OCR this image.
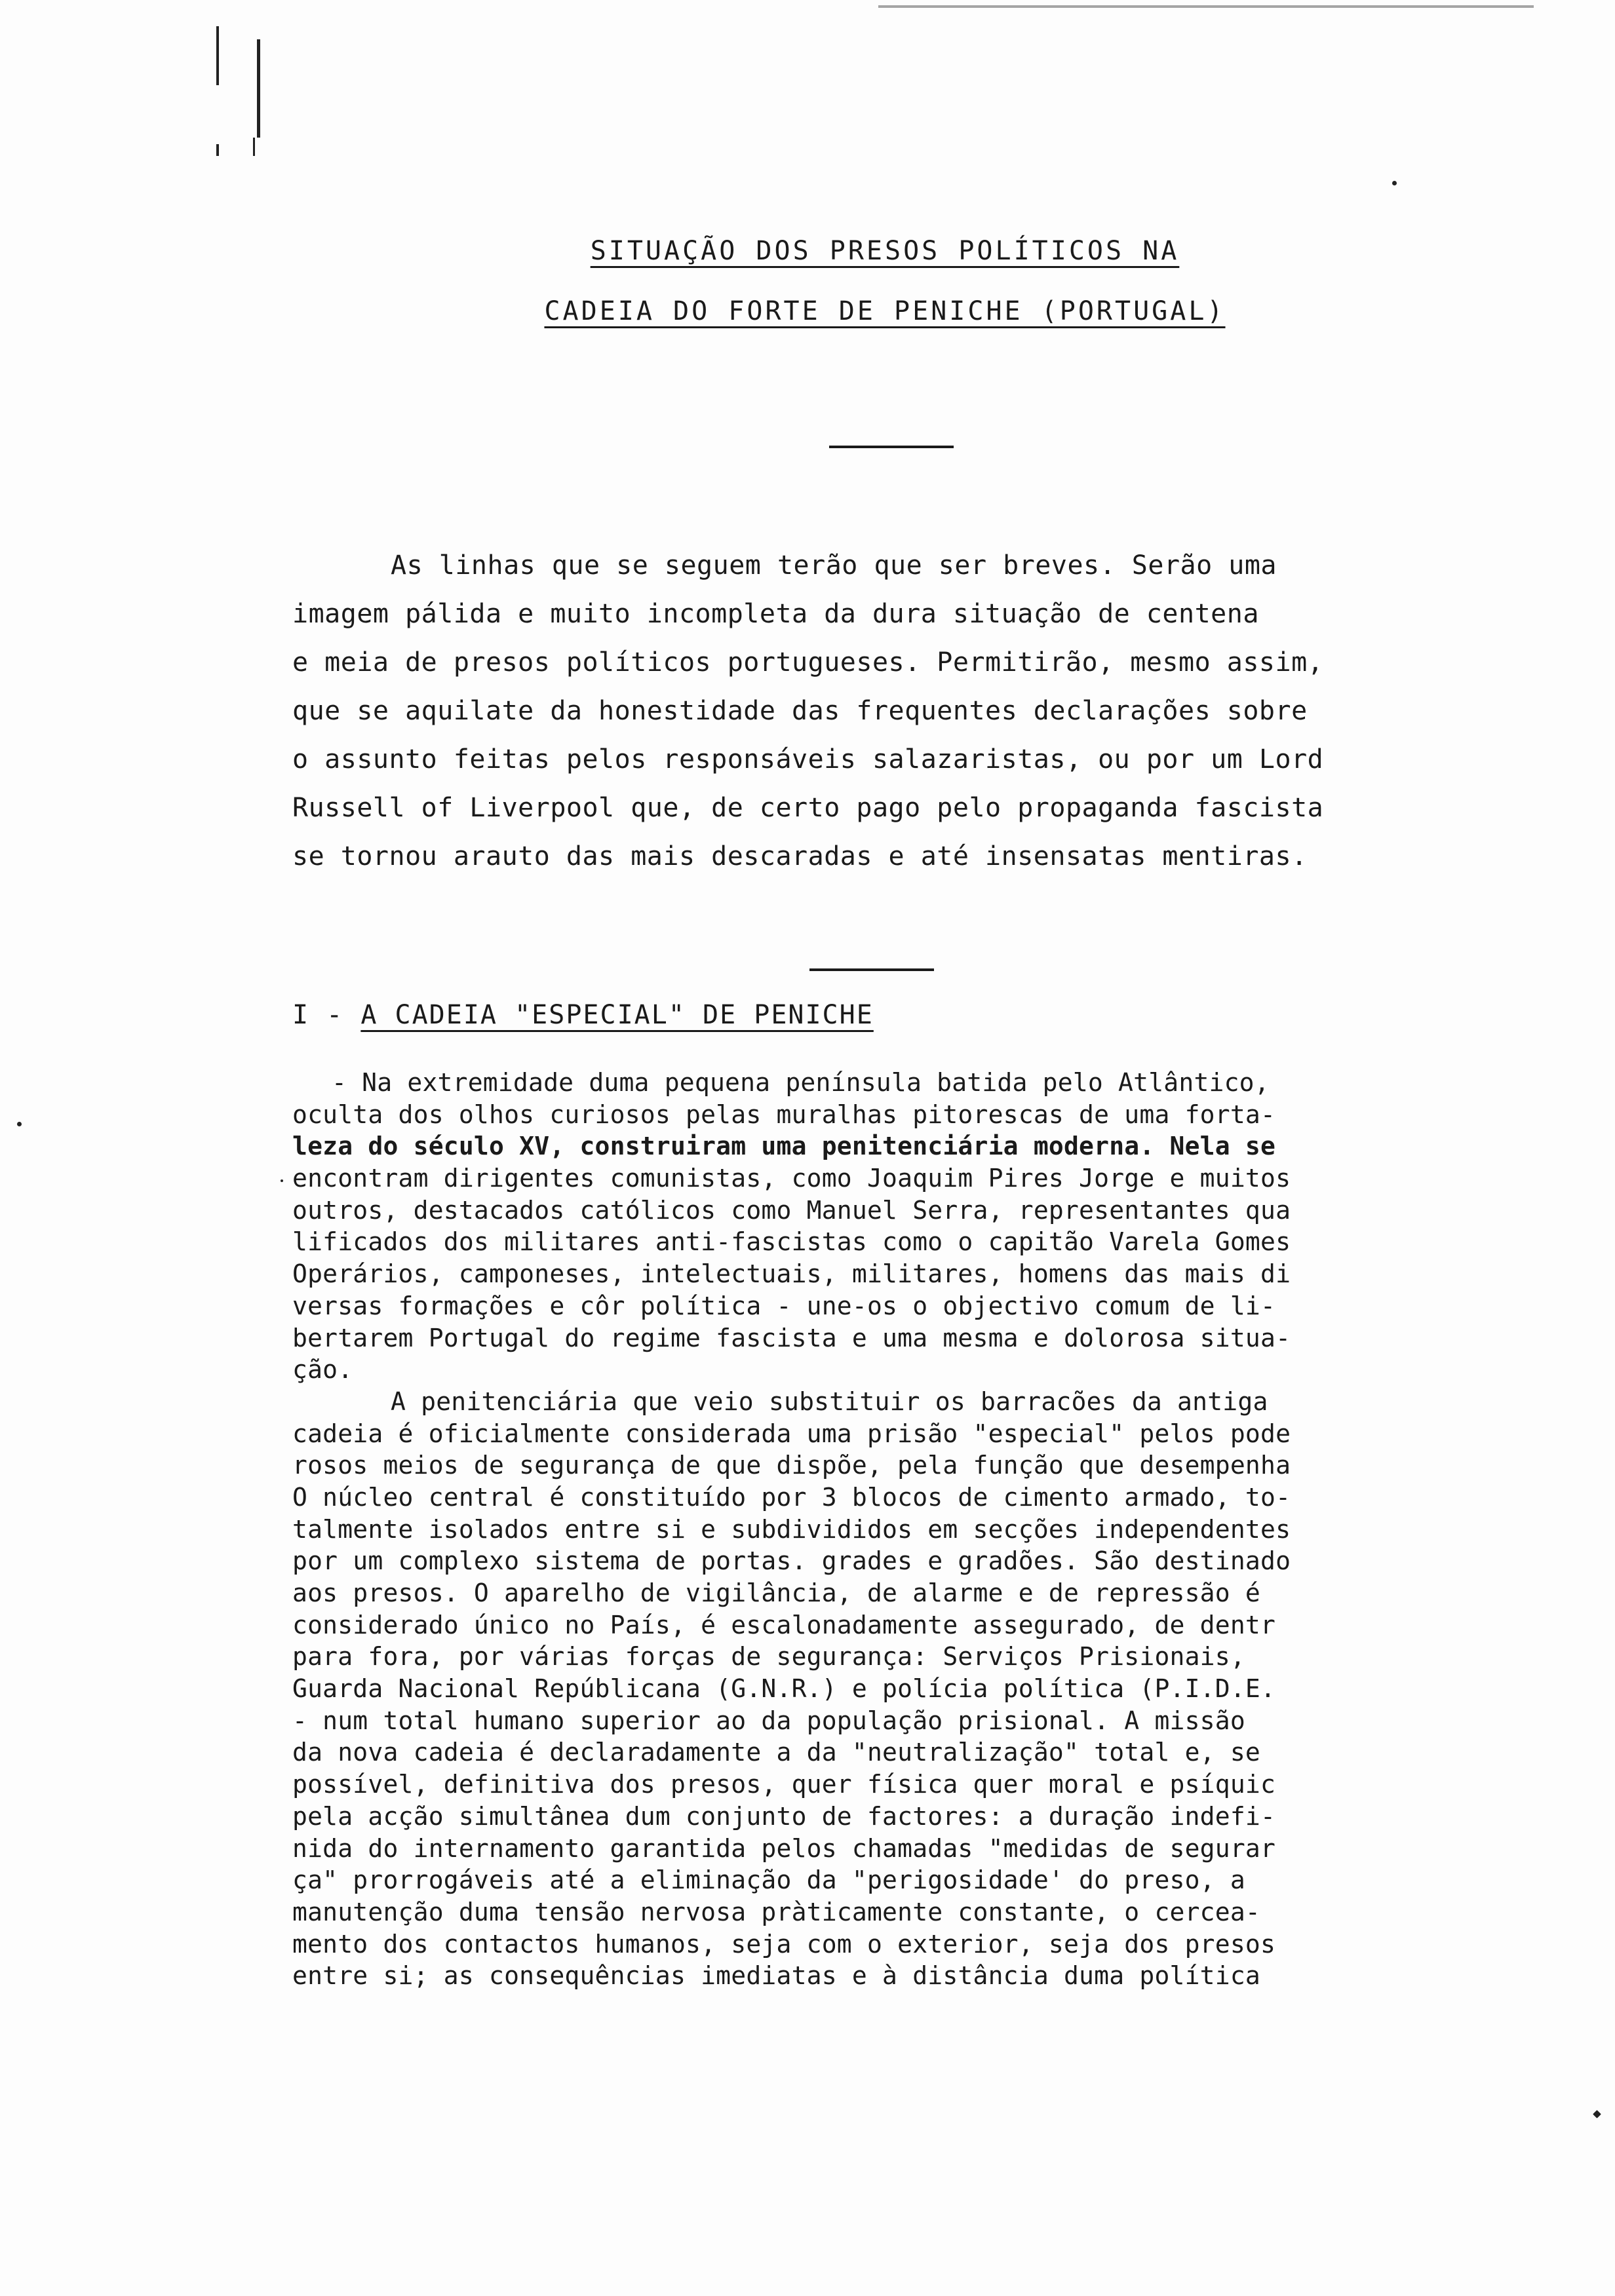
SITUAÇÃO DOS PRESOS POLÍTICOS NA
CADEIA DO FORTE DE PENICHE (PORTUGAL)
As linhas que se seguem terão que ser breves. Serão uma
imagem pálida e muito incompleta da dura situação de centena
e meia de presos políticos portugueses. Permitirão, mesmo assim,
que se aquilate da honestidade das frequentes declarações sobre
o assunto feitas pelos responsáveis salazaristas, ou por um Lord
Russell of Liverpool que, de certo pago pelo propaganda fascista
se tornou arauto das mais descaradas e até insensatas mentiras.
I - A CADEIA "ESPECIAL" DE PENICHE
- Na extremidade duma pequena península batida pelo Atlântico,
oculta dos olhos curiosos pelas muralhas pitorescas de uma forta-
leza do século XV, construiram uma penitenciária moderna. Nela se
encontram dirigentes comunistas, como Joaquim Pires Jorge e muitos
outros, destacados católicos como Manuel Serra, representantes qua
lificados dos militares anti-fascistas como o capitão Varela Gomes
Operários, camponeses, intelectuais, militares, homens das mais di
versas formações e côr política - une-os o objectivo comum de li-
bertarem Portugal do regime fascista e uma mesma e dolorosa situa-
ção.
A penitenciária que veio substituir os barracões da antiga
cadeia é oficialmente considerada uma prisão "especial" pelos pode
rosos meios de segurança de que dispõe, pela função que desempenha
O núcleo central é constituído por 3 blocos de cimento armado, to-
talmente isolados entre si e subdivididos em secções independentes
por um complexo sistema de portas. grades e gradões. São destinado
aos presos. O aparelho de vigilância, de alarme e de repressão é
considerado único no País, é escalonadamente assegurado, de dentr
para fora, por várias forças de segurança: Serviços Prisionais,
Guarda Nacional Repúblicana (G.N.R.) e polícia política (P.I.D.E.
- num total humano superior ao da população prisional. A missão
da nova cadeia é declaradamente a da "neutralização" total e, se
possível, definitiva dos presos, quer física quer moral e psíquic
pela acção simultânea dum conjunto de factores: a duração indefi-
nida do internamento garantida pelos chamadas "medidas de segurar
ça" prorrogáveis até a eliminação da "perigosidade' do preso, a
manutenção duma tensão nervosa pràticamente constante, o cercea-
mento dos contactos humanos, seja com o exterior, seja dos presos
entre si; as consequências imediatas e à distância duma política
